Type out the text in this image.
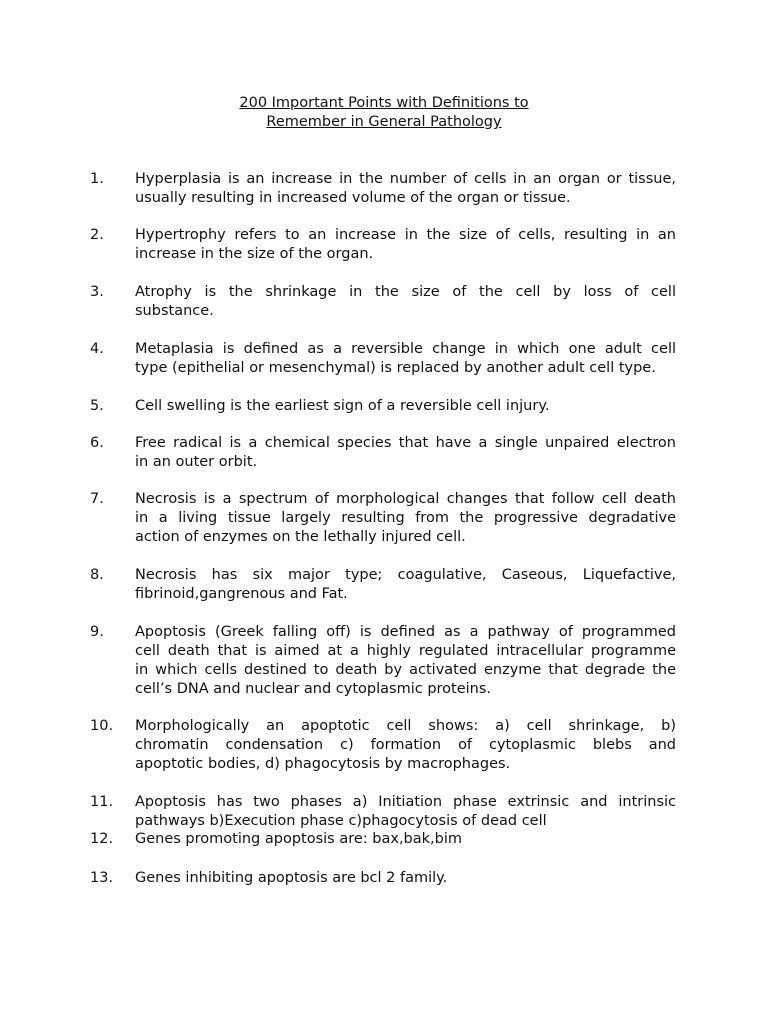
200 Important Points with Definitions to
Remember in General Pathology
1. Hyperplasia is an increase in the number of cells in an organ or tissue,
usually resulting in increased volume of the organ or tissue.
2. Hypertrophy refers to an increase in the size of cells, resulting in an
increase in the size of the organ.
3. Atrophy is the shrinkage in the size of the cell by loss of cell
substance.
4. Metaplasia is defined as a reversible change in which one adult cell
type (epithelial or mesenchymal) is replaced by another adult cell type.
5. Cell swelling is the earliest sign of a reversible cell injury.
6. Free radical is a chemical species that have a single unpaired electron
in an outer orbit.
7. Necrosis is a spectrum of morphological changes that follow cell death
in a living tissue largely resulting from the progressive degradative
action of enzymes on the lethally injured cell.
8. Necrosis has six major type; coagulative, Caseous, Liquefactive,
fibrinoid,gangrenous and Fat.
9. Apoptosis (Greek falling off) is defined as a pathway of programmed
cell death that is aimed at a highly regulated intracellular programme
in which cells destined to death by activated enzyme that degrade the
cell’s DNA and nuclear and cytoplasmic proteins.
10. Morphologically an apoptotic cell shows: a) cell shrinkage, b)
chromatin condensation c) formation of cytoplasmic blebs and
apoptotic bodies, d) phagocytosis by macrophages.
11. Apoptosis has two phases a) Initiation phase extrinsic and intrinsic
pathways b)Execution phase c)phagocytosis of dead cell
12. Genes promoting apoptosis are: bax,bak,bim
13. Genes inhibiting apoptosis are bcl 2 family.
